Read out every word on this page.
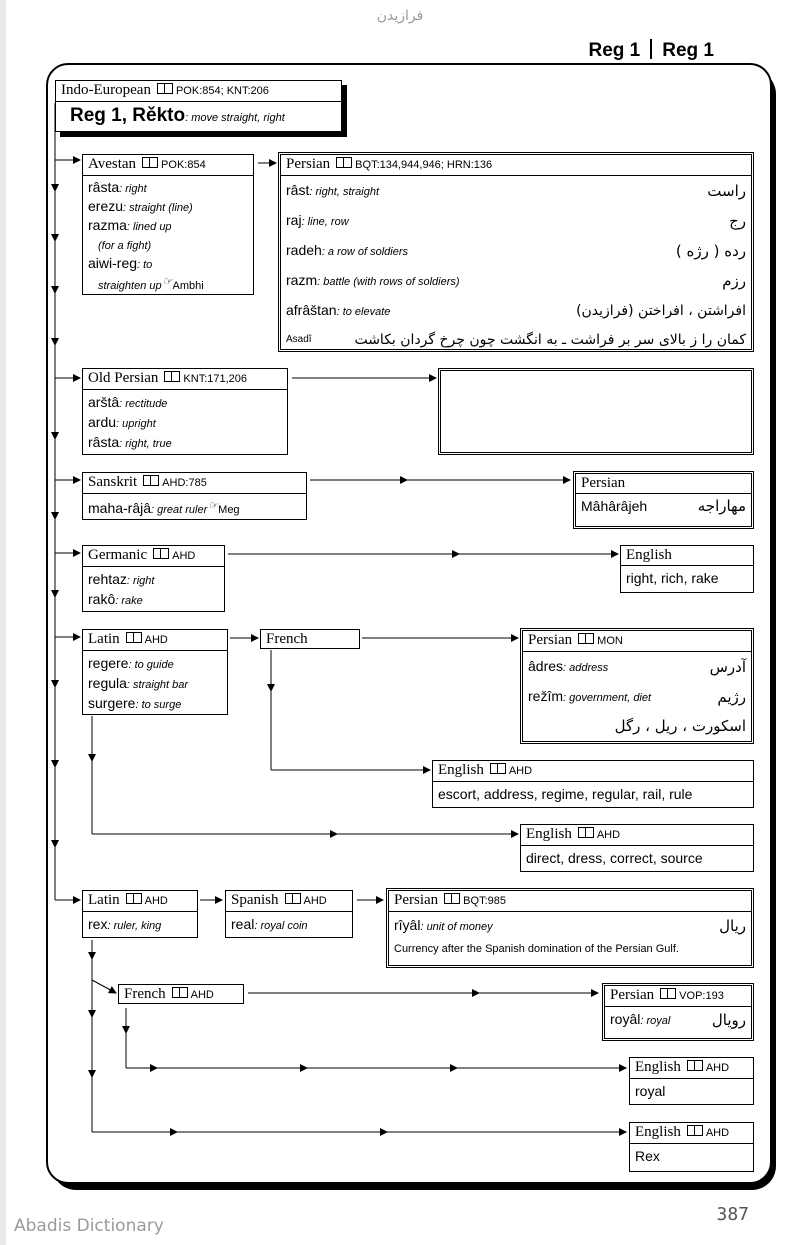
فرازیدن
Reg 1 Reg 1
Indo-European POK:854; KNT:206
Reg 1, Rěkto: move straight, right
Avestan POK:854
râsta: right
erezu: straight (line)
razma: lined up
(for a fight)
aiwi-reg: to
straighten up☞Ambhi
Persian BQT:134,944,946; HRN:136
râst: right, straight	راست
raj: line, row	رج
radeh: a row of soldiers	رده ( رژه )
razm: battle (with rows of soldiers)	رزم
afrâštan: to elevate	افراشتن ، افراختن (فرازیدن)
Asadî	کمان را ز بالای سر بر فراشت ـ به انگشت چون چرخ گردان بکاشت
Old Persian KNT:171,206
arštâ: rectitude
ardu: upright
râsta: right, true
Sanskrit AHD:785
maha-râjâ: great ruler☞Meg
Persian
Mâhârâjeh	مهاراجه
Germanic AHD
rehtaz: right
rakô: rake
English
right, rich, rake
Latin AHD
regere: to guide
regula: straight bar
surgere: to surge
French	Persian MON
âdres: address	آدرس
režîm: government, diet	رژیم
اسکورت ، ریل ، رگل
English AHD
escort, address, regime, regular, rail, rule
English AHD
direct, dress, correct, source
Latin AHD
rex: ruler, king
Spanish AHD
real: royal coin
Persian BQT:985
rîyâl: unit of money	ریال
Currency after the Spanish domination of the Persian Gulf.
French AHD	Persian VOP:193
royâl: royal	رویال
English AHD
royal
English AHD
Rex
387
Abadis Dictionary
